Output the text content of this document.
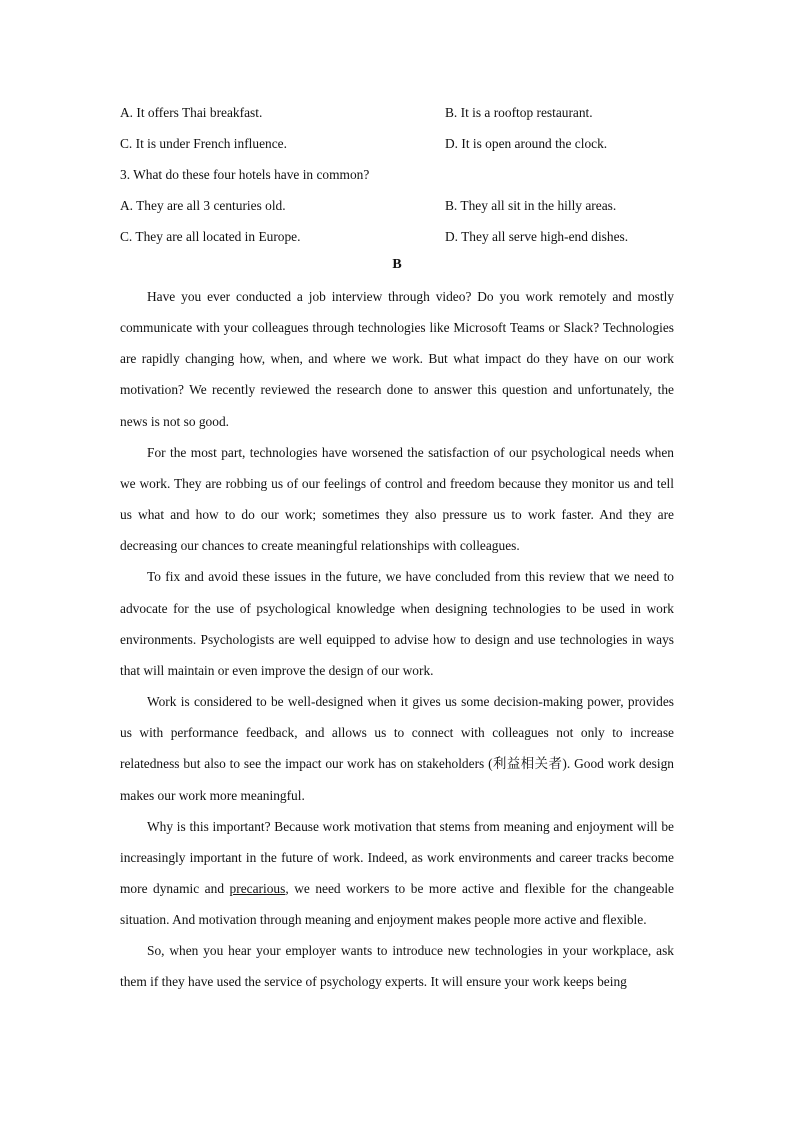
A. It offers Thai breakfast.	B. It is a rooftop restaurant.
C. It is under French influence.	D. It is open around the clock.
3. What do these four hotels have in common?
A. They are all 3 centuries old.	B. They all sit in the hilly areas.
C. They are all located in Europe.	D. They all serve high-end dishes.
B

Have you ever conducted a job interview through video? Do you work remotely and mostly communicate with your colleagues through technologies like Microsoft Teams or Slack? Technologies are rapidly changing how, when, and where we work. But what impact do they have on our work motivation? We recently reviewed the research done to answer this question and unfortunately, the news is not so good.

For the most part, technologies have worsened the satisfaction of our psychological needs when we work. They are robbing us of our feelings of control and freedom because they monitor us and tell us what and how to do our work; sometimes they also pressure us to work faster. And they are decreasing our chances to create meaningful relationships with colleagues.

To fix and avoid these issues in the future, we have concluded from this review that we need to advocate for the use of psychological knowledge when designing technologies to be used in work environments. Psychologists are well equipped to advise how to design and use technologies in ways that will maintain or even improve the design of our work.

Work is considered to be well-designed when it gives us some decision-making power, provides us with performance feedback, and allows us to connect with colleagues not only to increase relatedness but also to see the impact our work has on stakeholders (利益相关者). Good work design makes our work more meaningful.

Why is this important? Because work motivation that stems from meaning and enjoyment will be increasingly important in the future of work. Indeed, as work environments and career tracks become more dynamic and precarious, we need workers to be more active and flexible for the changeable situation. And motivation through meaning and enjoyment makes people more active and flexible.

So, when you hear your employer wants to introduce new technologies in your workplace, ask them if they have used the service of psychology experts. It will ensure your work keeps being
